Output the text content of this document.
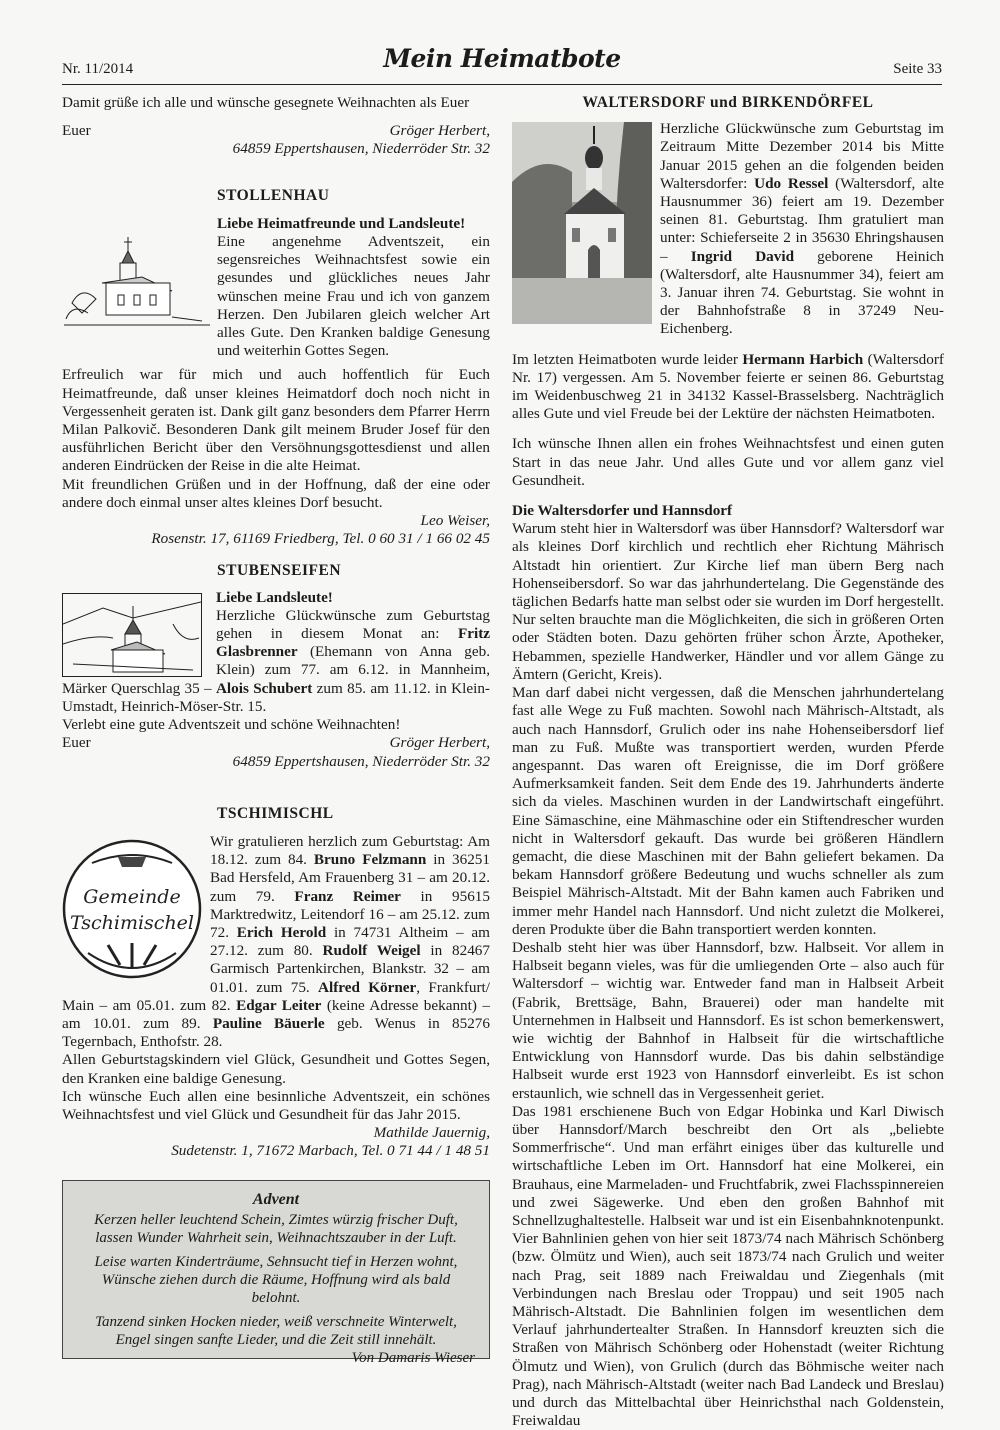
Nr. 11/2014	Mein Heimatbote	Seite 33

Damit grüße ich alle und wünsche gesegnete Weihnachten als Euer

Euer	Gröger Herbert,
64859 Eppertshausen, Niederröder Str. 32
STOLLENHAU

Liebe Heimatfreunde und Landsleute!

Eine angenehme Adventszeit, ein segensreiches Weihnachtsfest sowie ein gesundes und glückliches neues Jahr wünschen meine Frau und ich von ganzem Herzen. Den Jubilaren gleich welcher Art alles Gute. Den Kranken baldige Genesung und weiterhin Gottes Segen.

Erfreulich war für mich und auch hoffentlich für Euch Heimatfreunde, daß unser kleines Heimatdorf doch noch nicht in Vergessenheit geraten ist. Dank gilt ganz besonders dem Pfarrer Herrn Milan Palkovič. Besonderen Dank gilt meinem Bruder Josef für den ausführlichen Bericht über den Versöhnungsgottesdienst und allen anderen Eindrücken der Reise in die alte Heimat.

Mit freundlichen Grüßen und in der Hoffnung, daß der eine oder andere doch einmal unser altes kleines Dorf besucht.

Leo Weiser,
Rosenstr. 17, 61169 Friedberg, Tel. 0 60 31 / 1 66 02 45
STUBENSEIFEN

Liebe Landsleute!

Herzliche Glückwünsche zum Geburtstag gehen in diesem Monat an: Fritz Glasbrenner (Ehemann von Anna geb. Klein) zum 77. am 6.12. in Mannheim, Märker Querschlag 35 – Alois Schubert zum 85. am 11.12. in Klein-Umstadt, Heinrich-Möser-Str. 15.

Verlebt eine gute Adventszeit und schöne Weihnachten!

Euer	Gröger Herbert,
64859 Eppertshausen, Niederröder Str. 32
TSCHIMISCHL
Gemeinde
Tschimischel

Wir gratulieren herzlich zum Geburtstag: Am 18.12. zum 84. Bruno Felzmann in 36251 Bad Hersfeld, Am Frauenberg 31 – am 20.12. zum 79. Franz Reimer in 95615 Marktredwitz, Leitendorf 16 – am 25.12. zum 72. Erich Herold in 74731 Altheim – am 27.12. zum 80. Rudolf Weigel in 82467 Garmisch Partenkirchen, Blankstr. 32 – am 01.01. zum 75. Alfred Körner, Frankfurt/ Main – am 05.01. zum 82. Edgar Leiter (keine Adresse bekannt) – am 10.01. zum 89. Pauline Bäuerle geb. Wenus in 85276 Tegernbach, Enthofstr. 28.

Allen Geburtstagskindern viel Glück, Gesundheit und Gottes Segen, den Kranken eine baldige Genesung.

Ich wünsche Euch allen eine besinnliche Adventszeit, ein schönes Weihnachtsfest und viel Glück und Gesundheit für das Jahr 2015.

Mathilde Jauernig,
Sudetenstr. 1, 71672 Marbach, Tel. 0 71 44 / 1 48 51
Advent

Kerzen heller leuchtend Schein, Zimtes würzig frischer Duft, lassen Wunder Wahrheit sein, Weihnachtszauber in der Luft.

Leise warten Kinderträume, Sehnsucht tief in Herzen wohnt, Wünsche ziehen durch die Räume, Hoffnung wird als bald belohnt.

Tanzend sinken Hocken nieder, weiß verschneite Winterwelt, Engel singen sanfte Lieder, und die Zeit still innehält.

Von Damaris Wieser

WALTERSDORF und BIRKENDÖRFEL

Herzliche Glückwünsche zum Geburtstag im Zeitraum Mitte Dezember 2014 bis Mitte Januar 2015 gehen an die folgenden beiden Waltersdorfer: Udo Ressel (Waltersdorf, alte Hausnummer 36) feiert am 19. Dezember seinen 81. Geburtstag. Ihm gratuliert man unter: Schieferseite 2 in 35630 Ehringshausen – Ingrid David geborene Heinich (Waltersdorf, alte Hausnummer 34), feiert am 3. Januar ihren 74. Geburtstag. Sie wohnt in der Bahnhofstraße 8 in 37249 Neu-Eichenberg.

Im letzten Heimatboten wurde leider Hermann Harbich (Waltersdorf Nr. 17) vergessen. Am 5. November feierte er seinen 86. Geburtstag im Weidenbuschweg 21 in 34132 Kassel-Brasselsberg. Nachträglich alles Gute und viel Freude bei der Lektüre der nächsten Heimatboten.

Ich wünsche Ihnen allen ein frohes Weihnachtsfest und einen guten Start in das neue Jahr. Und alles Gute und vor allem ganz viel Gesundheit.

Die Waltersdorfer und Hannsdorf

Warum steht hier in Waltersdorf was über Hannsdorf? Waltersdorf war als kleines Dorf kirchlich und rechtlich eher Richtung Mährisch Altstadt hin orientiert. Zur Kirche lief man übern Berg nach Hohenseibersdorf. So war das jahrhundertelang. Die Gegenstände des täglichen Bedarfs hatte man selbst oder sie wurden im Dorf hergestellt. Nur selten brauchte man die Möglichkeiten, die sich in größeren Orten oder Städten boten. Dazu gehörten früher schon Ärzte, Apotheker, Hebammen, spezielle Handwerker, Händler und vor allem Gänge zu Ämtern (Gericht, Kreis).

Man darf dabei nicht vergessen, daß die Menschen jahrhundertelang fast alle Wege zu Fuß machten. Sowohl nach Mährisch-Altstadt, als auch nach Hannsdorf, Grulich oder ins nahe Hohenseibersdorf lief man zu Fuß. Mußte was transportiert werden, wurden Pferde angespannt. Das waren oft Ereignisse, die im Dorf größere Aufmerksamkeit fanden. Seit dem Ende des 19. Jahrhunderts änderte sich da vieles. Maschinen wurden in der Landwirtschaft eingeführt. Eine Sämaschine, eine Mähmaschine oder ein Stiftendrescher wurden nicht in Waltersdorf gekauft. Das wurde bei größeren Händlern gemacht, die diese Maschinen mit der Bahn geliefert bekamen. Da bekam Hannsdorf größere Bedeutung und wuchs schneller als zum Beispiel Mährisch-Altstadt. Mit der Bahn kamen auch Fabriken und immer mehr Handel nach Hannsdorf. Und nicht zuletzt die Molkerei, deren Produkte über die Bahn transportiert werden konnten.

Deshalb steht hier was über Hannsdorf, bzw. Halbseit. Vor allem in Halbseit begann vieles, was für die umliegenden Orte – also auch für Waltersdorf – wichtig war. Entweder fand man in Halbseit Arbeit (Fabrik, Brettsäge, Bahn, Brauerei) oder man handelte mit Unternehmen in Halbseit und Hannsdorf. Es ist schon bemerkenswert, wie wichtig der Bahnhof in Halbseit für die wirtschaftliche Entwicklung von Hannsdorf wurde. Das bis dahin selbständige Halbseit wurde erst 1923 von Hannsdorf einverleibt. Es ist schon erstaunlich, wie schnell das in Vergessenheit geriet.

Das 1981 erschienene Buch von Edgar Hobinka und Karl Diwisch über Hannsdorf/March beschreibt den Ort als „beliebte Sommerfrische“. Und man erfährt einiges über das kulturelle und wirtschaftliche Leben im Ort. Hannsdorf hat eine Molkerei, ein Brauhaus, eine Marmeladen- und Fruchtfabrik, zwei Flachsspinnereien und zwei Sägewerke. Und eben den großen Bahnhof mit Schnellzughaltestelle. Halbseit war und ist ein Eisenbahnknotenpunkt. Vier Bahnlinien gehen von hier seit 1873/74 nach Mährisch Schönberg (bzw. Ölmütz und Wien), auch seit 1873/74 nach Grulich und weiter nach Prag, seit 1889 nach Freiwaldau und Ziegenhals (mit Verbindungen nach Breslau oder Troppau) und seit 1905 nach Mährisch-Altstadt. Die Bahnlinien folgen im wesentlichen dem Verlauf jahrhundertealter Straßen. In Hannsdorf kreuzten sich die Straßen von Mährisch Schönberg oder Hohenstadt (weiter Richtung Ölmutz und Wien), von Grulich (durch das Böhmische weiter nach Prag), nach Mährisch-Altstadt (weiter nach Bad Landeck und Breslau) und durch das Mittelbachtal über Heinrichsthal nach Goldenstein, Freiwaldau
